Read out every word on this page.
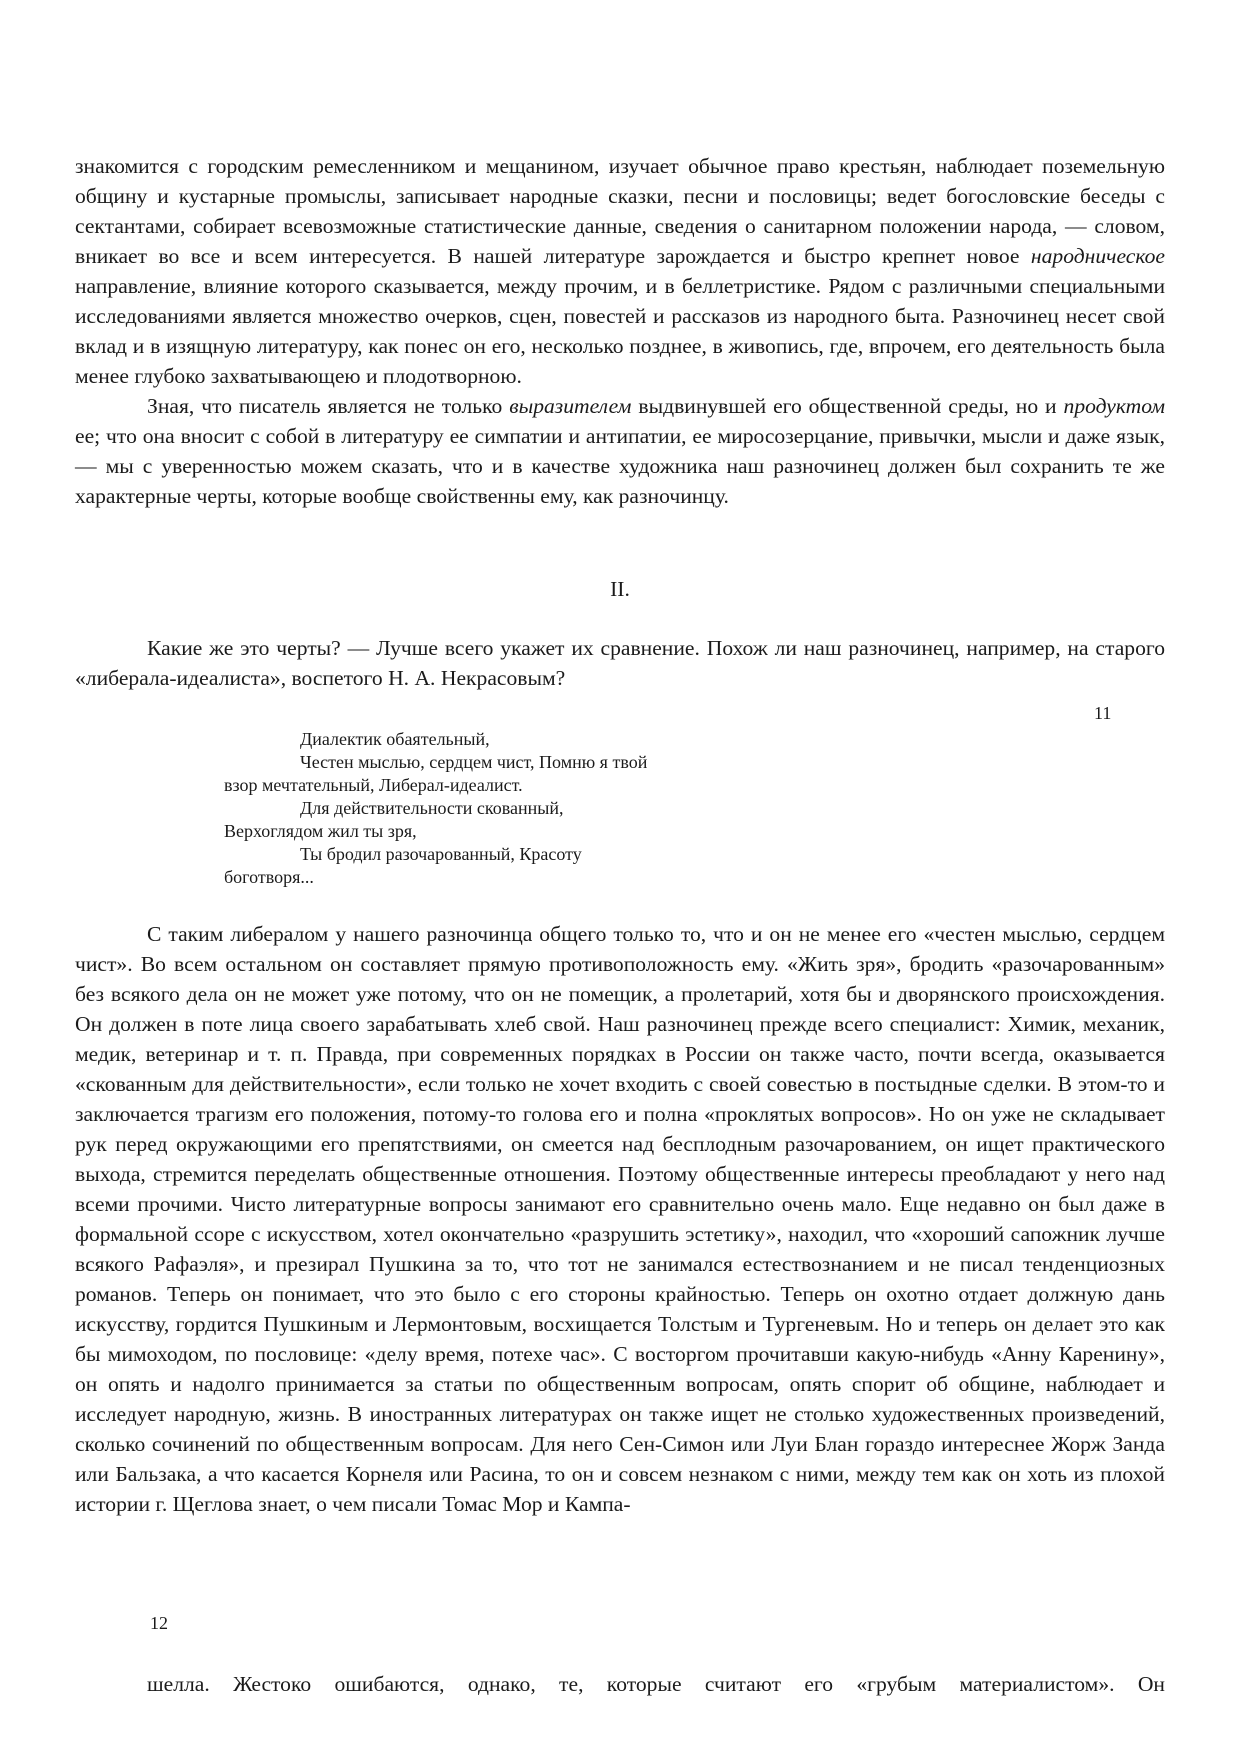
знакомится с городским ремесленником и мещанином, изучает обычное право крестьян, наблюдает поземельную общину и кустарные промыслы, записывает народные сказки, песни и пословицы; ведет богословские беседы с сектантами, собирает всевозможные статистические данные, сведения о санитарном положении народа, — словом, вникает во все и всем интересуется. В нашей литературе зарождается и быстро крепнет новое народническое направление, влияние которого сказывается, между прочим, и в беллетристике. Рядом с различными специальными исследованиями является множество очерков, сцен, повестей и рассказов из народного быта. Разночинец несет свой вклад и в изящную литературу, как понес он его, несколько позднее, в живопись, где, впрочем, его деятельность была менее глубоко захватывающею и плодотворною.

Зная, что писатель является не только выразителем выдвинувшей его общественной среды, но и продуктом ее; что она вносит с собой в литературу ее симпатии и антипатии, ее миросозерцание, привычки, мысли и даже язык, — мы с уверенностью можем сказать, что и в качестве художника наш разночинец должен был сохранить те же характерные черты, которые вообще свойственны ему, как разночинцу.

II.

Какие же это черты? — Лучше всего укажет их сравнение. Похож ли наш разночинец, например, на старого «либерала-идеалиста», воспетого Н. А. Некрасовым?

11
Диалектик обаятельный,
Честен мыслью, сердцем чист, Помню я твой
взор мечтательный, Либерал-идеалист.
Для действительности скованный,
Верхоглядом жил ты зря,
Ты бродил разочарованный, Красоту
боготворя...

С таким либералом у нашего разночинца общего только то, что и он не менее его «честен мыслью, сердцем чист». Во всем остальном он составляет прямую противоположность ему. «Жить зря», бродить «разочарованным» без всякого дела он не может уже потому, что он не помещик, а пролетарий, хотя бы и дворянского происхождения. Он должен в поте лица своего зарабатывать хлеб свой. Наш разночинец прежде всего специалист: Химик, механик, медик, ветеринар и т. п. Правда, при современных порядках в России он также часто, почти всегда, оказывается «скованным для действительности», если только не хочет входить с своей совестью в постыдные сделки. В этом-то и заключается трагизм его положения, потому-то голова его и полна «проклятых вопросов». Но он уже не складывает рук перед окружающими его препятствиями, он смеется над бесплодным разочарованием, он ищет практического выхода, стремится переделать общественные отношения. Поэтому общественные интересы преобладают у него над всеми прочими. Чисто литературные вопросы занимают его сравнительно очень мало. Еще недавно он был даже в формальной ссоре с искусством, хотел окончательно «разрушить эстетику», находил, что «хороший сапожник лучше всякого Рафаэля», и презирал Пушкина за то, что тот не занимался естествознанием и не писал тенденциозных романов. Теперь он понимает, что это было с его стороны крайностью. Теперь он охотно отдает должную дань искусству, гордится Пушкиным и Лермонтовым, восхищается Толстым и Тургеневым. Но и теперь он делает это как бы мимоходом, по пословице: «делу время, потехе час». С восторгом прочитавши какую-нибудь «Анну Каренину», он опять и надолго принимается за статьи по общественным вопросам, опять спорит об общине, наблюдает и исследует народную, жизнь. В иностранных литературах он также ищет не столько художественных произведений, сколько сочинений по общественным вопросам. Для него Сен-Симон или Луи Блан гораздо интереснее Жорж Занда или Бальзака, а что касается Корнеля или Расина, то он и совсем незнаком с ними, между тем как он хоть из плохой истории г. Щеглова знает, о чем писали Томас Мор и Кампа-

12

шелла. Жестоко ошибаются, однако, те, которые считают его «грубым материалистом». Он
